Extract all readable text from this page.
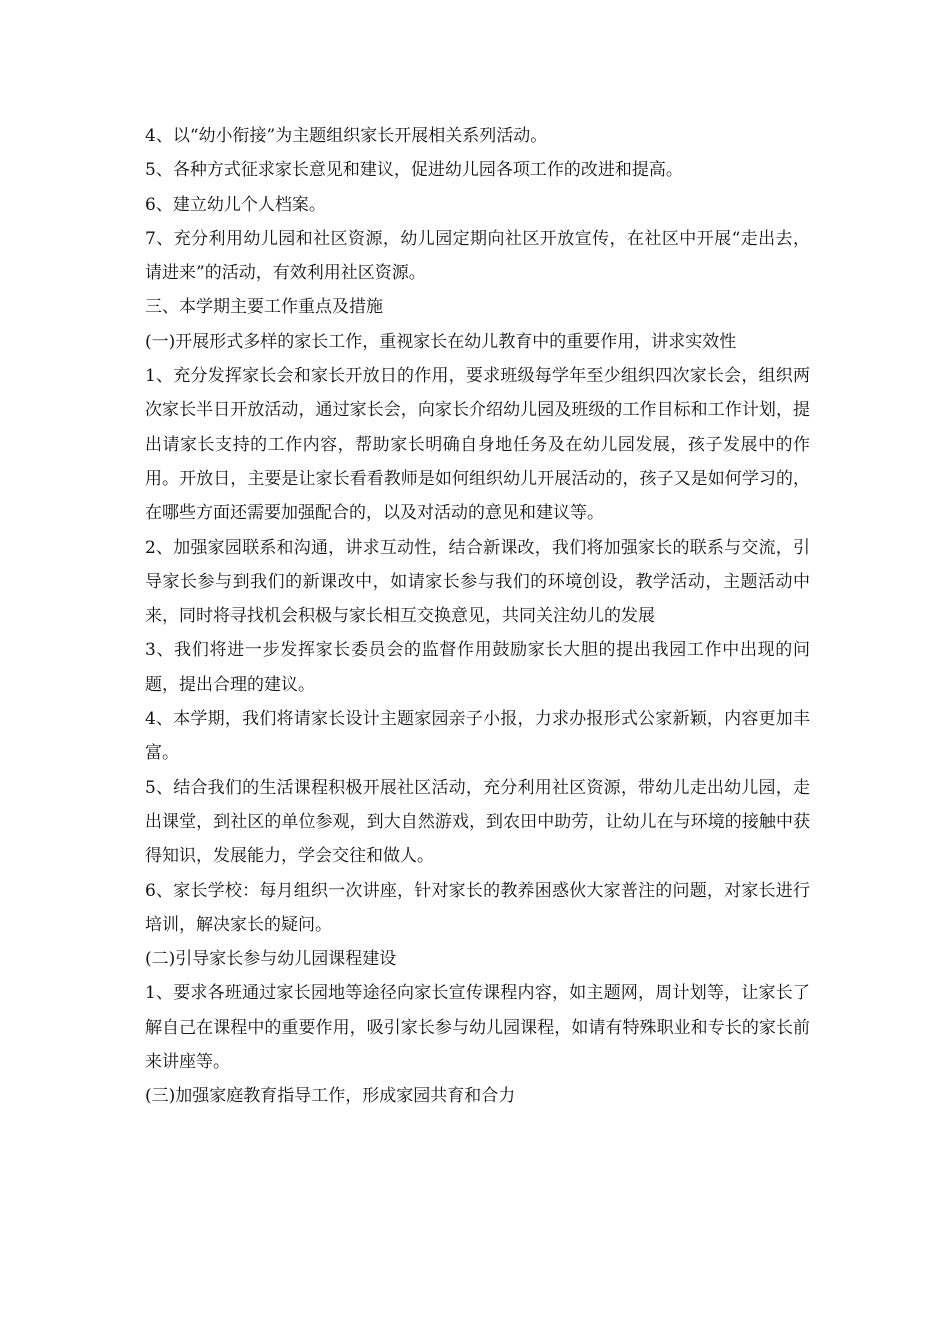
4、以“幼小衔接”为主题组织家长开展相关系列活动。

5、各种方式征求家长意见和建议，促进幼儿园各项工作的改进和提高。

6、建立幼儿个人档案。

7、充分利用幼儿园和社区资源，幼儿园定期向社区开放宣传，在社区中开展“走出去，请进来”的活动，有效利用社区资源。

三、本学期主要工作重点及措施

(一)开展形式多样的家长工作，重视家长在幼儿教育中的重要作用，讲求实效性

1、充分发挥家长会和家长开放日的作用，要求班级每学年至少组织四次家长会，组织两次家长半日开放活动，通过家长会，向家长介绍幼儿园及班级的工作目标和工作计划，提出请家长支持的工作内容，帮助家长明确自身地任务及在幼儿园发展，孩子发展中的作用。开放日，主要是让家长看看教师是如何组织幼儿开展活动的，孩子又是如何学习的，在哪些方面还需要加强配合的，以及对活动的意见和建议等。

2、加强家园联系和沟通，讲求互动性，结合新课改，我们将加强家长的联系与交流，引导家长参与到我们的新课改中，如请家长参与我们的环境创设，教学活动，主题活动中来，同时将寻找机会积极与家长相互交换意见，共同关注幼儿的发展

3、我们将进一步发挥家长委员会的监督作用鼓励家长大胆的提出我园工作中出现的问题，提出合理的建议。

4、本学期，我们将请家长设计主题家园亲子小报，力求办报形式公家新颖，内容更加丰富。

5、结合我们的生活课程积极开展社区活动，充分利用社区资源，带幼儿走出幼儿园，走出课堂，到社区的单位参观，到大自然游戏，到农田中助劳，让幼儿在与环境的接触中获得知识，发展能力，学会交往和做人。

6、家长学校：每月组织一次讲座，针对家长的教养困惑伙大家普注的问题，对家长进行培训，解决家长的疑问。

(二)引导家长参与幼儿园课程建设

1、要求各班通过家长园地等途径向家长宣传课程内容，如主题网，周计划等，让家长了解自己在课程中的重要作用，吸引家长参与幼儿园课程，如请有特殊职业和专长的家长前来讲座等。

(三)加强家庭教育指导工作，形成家园共育和合力
